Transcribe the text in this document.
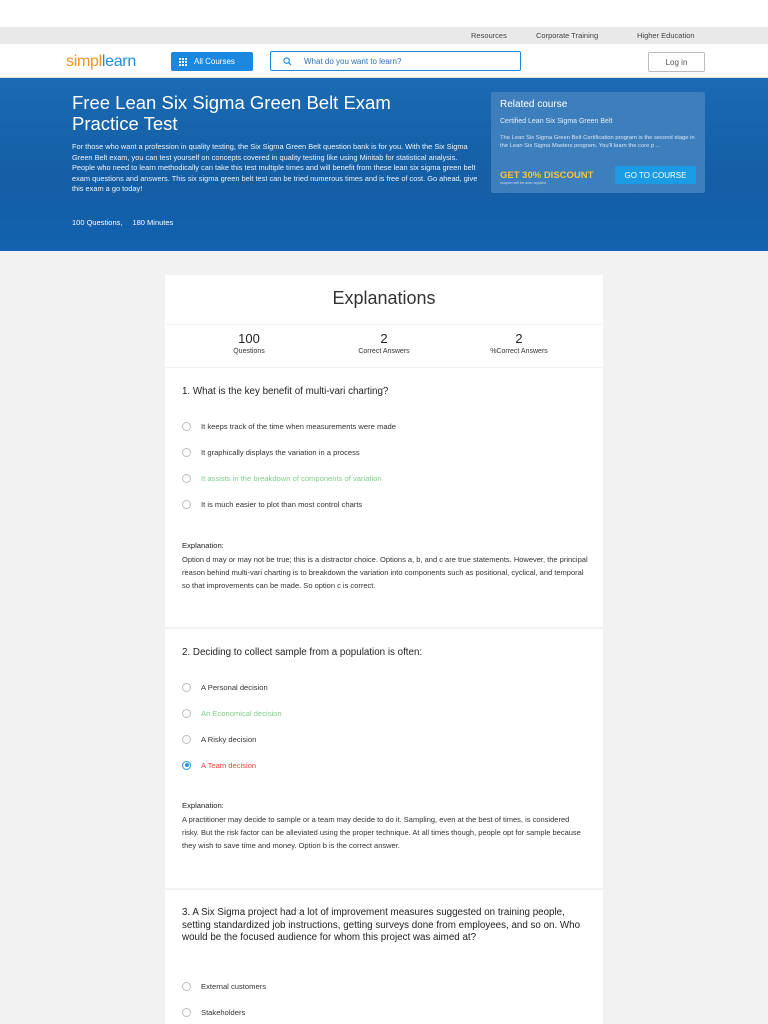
Resources	Corporate Training	Higher Education
simpllearn	All Courses
What do you want to learn?	Log in
Free Lean Six Sigma Green Belt Exam Practice Test

For those who want a profession in quality testing, the Six Sigma Green Belt question bank is for you. With the Six Sigma Green Belt exam, you can test yourself on concepts covered in quality testing like using Minitab for statistical analysis. People who need to learn methodically can take this test multiple times and will benefit from these lean six sigma green belt exam questions and answers. This six sigma green belt test can be tried numerous times and is free of cost. Go ahead, give this exam a go today!

100 Questions, 180 Minutes
Related course
Certified Lean Six Sigma Green Belt
The Lean Six Sigma Green Belt Certification program is the second stage in the Lean Six Sigma Masters program. You'll learn the core p ...
GET 30% DISCOUNT
coupon will be auto applied
GO TO COURSE
Explanations
100
Questions
2
Correct Answers
2
%Correct Answers
1. What is the key benefit of multi-vari charting?
It keeps track of the time when measurements were made
It graphically displays the variation in a process
It assists in the breakdown of components of variation
It is much easier to plot than most control charts
Explanation:
Option d may or may not be true; this is a distractor choice. Options a, b, and c are true statements. However, the principal reason behind multi-vari charting is to breakdown the variation into components such as positional, cyclical, and temporal so that improvements can be made. So option c is correct.
2. Deciding to collect sample from a population is often:
A Personal decision
An Economical decision
A Risky decision
A Team decision
Explanation:
A practitioner may decide to sample or a team may decide to do it. Sampling, even at the best of times, is considered risky. But the risk factor can be alleviated using the proper technique. At all times though, people opt for sample because they wish to save time and money. Option b is the correct answer.
3. A Six Sigma project had a lot of improvement measures suggested on training people, setting standardized job instructions, getting surveys done from employees, and so on. Who would be the focused audience for whom this project was aimed at?
External customers
Stakeholders
